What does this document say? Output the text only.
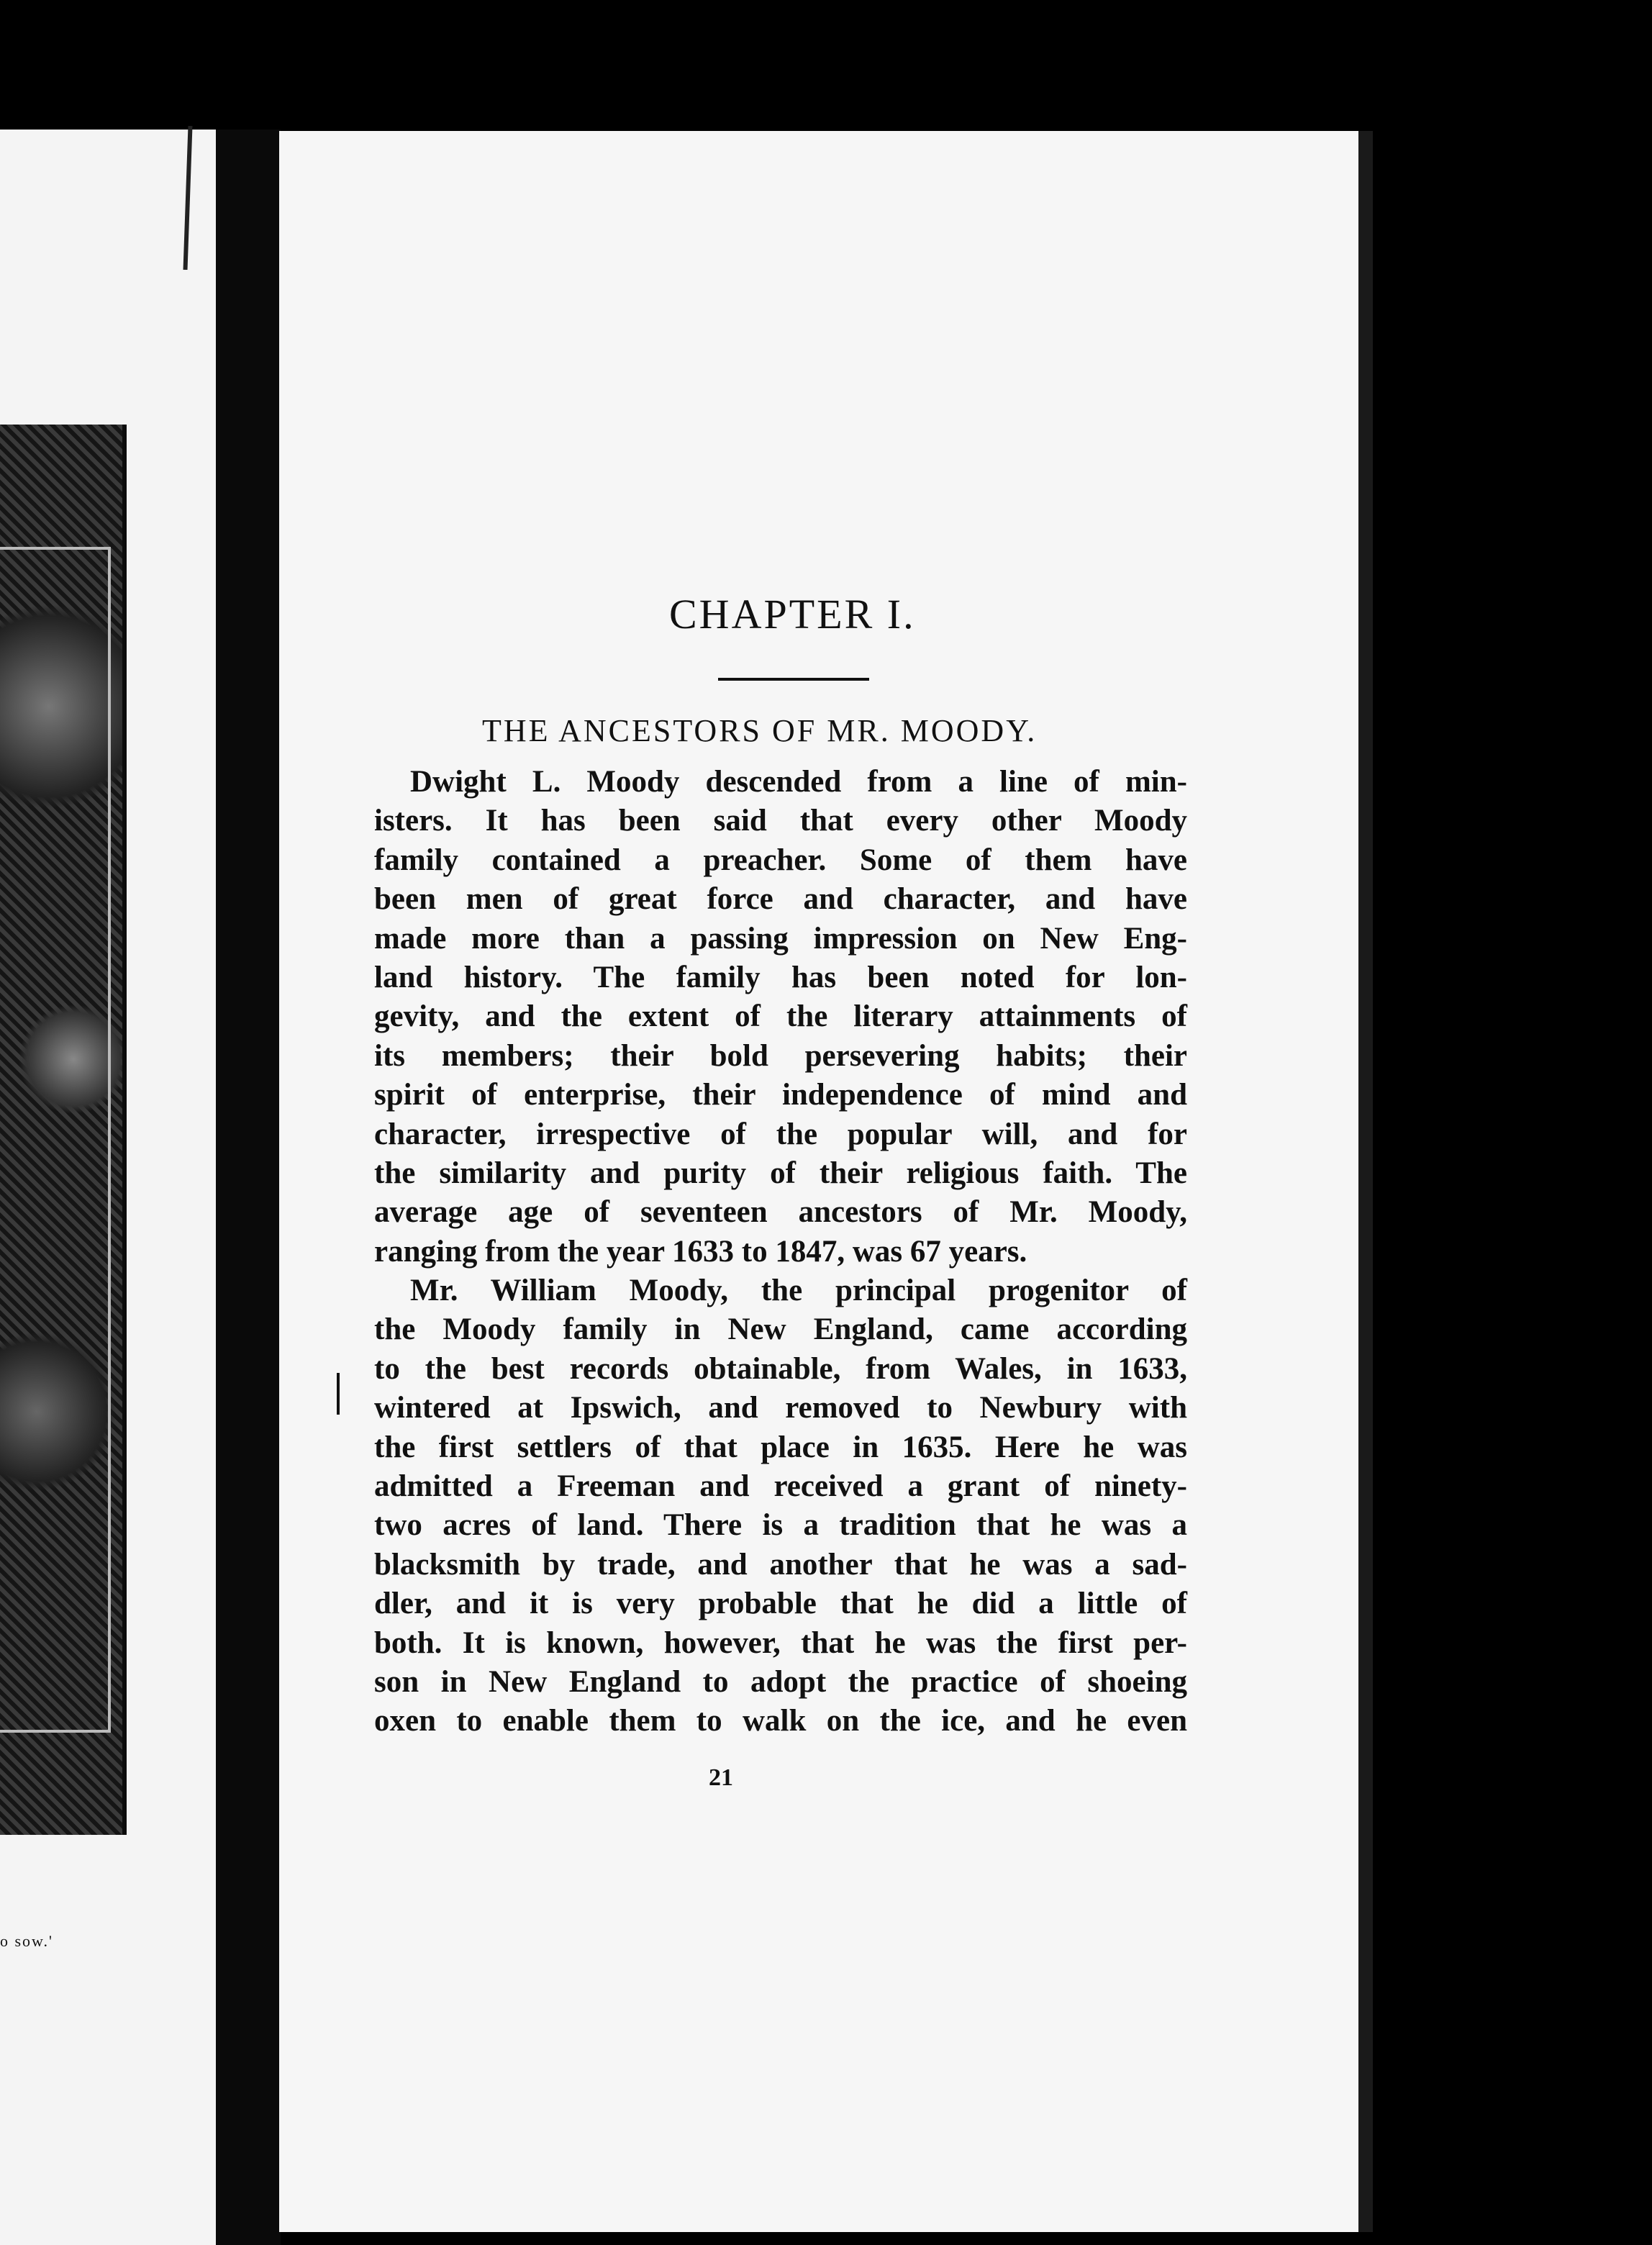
o sow.'
CHAPTER I.
THE ANCESTORS OF MR. MOODY.
Dwight L. Moody descended from a line of min-
isters. It has been said that every other Moody
family contained a preacher. Some of them have
been men of great force and character, and have
made more than a passing impression on New Eng-
land history. The family has been noted for lon-
gevity, and the extent of the literary attainments of
its members; their bold persevering habits; their
spirit of enterprise, their independence of mind and
character, irrespective of the popular will, and for
the similarity and purity of their religious faith. The
average age of seventeen ancestors of Mr. Moody,
ranging from the year 1633 to 1847, was 67 years.
Mr. William Moody, the principal progenitor of
the Moody family in New England, came according
to the best records obtainable, from Wales, in 1633,
wintered at Ipswich, and removed to Newbury with
the first settlers of that place in 1635. Here he was
admitted a Freeman and received a grant of ninety-
two acres of land. There is a tradition that he was a
blacksmith by trade, and another that he was a sad-
dler, and it is very probable that he did a little of
both. It is known, however, that he was the first per-
son in New England to adopt the practice of shoeing
oxen to enable them to walk on the ice, and he even
21
